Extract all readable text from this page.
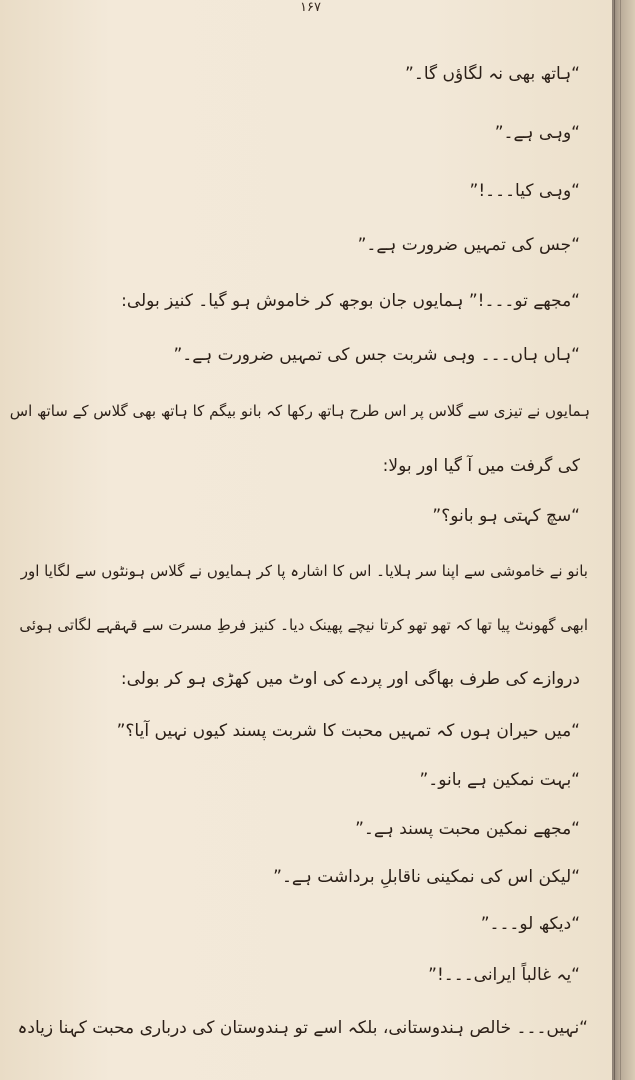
۱۶۷
“ہاتھ بھی نہ لگاؤں گا۔”
“وہی ہے۔”
“وہی کیا۔۔۔!”
“جس کی تمہیں ضرورت ہے۔”
“مجھے تو۔۔۔!” ہمایوں جان بوجھ کر خاموش ہو گیا۔ کنیز بولی:
“ہاں ہاں۔۔۔ وہی شربت جس کی تمہیں ضرورت ہے۔”
ہمایوں نے تیزی سے گلاس پر اس طرح ہاتھ رکھا کہ بانو بیگم کا ہاتھ بھی گلاس کے ساتھ اس
کی گرفت میں آ گیا اور بولا:
“سچ کہتی ہو بانو؟”
بانو نے خاموشی سے اپنا سر ہلایا۔ اس کا اشارہ پا کر ہمایوں نے گلاس ہونٹوں سے لگایا اور
ابھی گھونٹ پیا تھا کہ تھو تھو کرتا نیچے پھینک دیا۔ کنیز فرطِ مسرت سے قہقہے لگاتی ہوئی
دروازے کی طرف بھاگی اور پردے کی اوٹ میں کھڑی ہو کر بولی:
“میں حیران ہوں کہ تمہیں محبت کا شربت پسند کیوں نہیں آیا؟”
“بہت نمکین ہے بانو۔”
“مجھے نمکین محبت پسند ہے۔”
“لیکن اس کی نمکینی ناقابلِ برداشت ہے۔”
“دیکھ لو۔۔۔”
“یہ غالباً ایرانی۔۔۔!”
“نہیں۔۔۔ خالص ہندوستانی، بلکہ اسے تو ہندوستان کی درباری محبت کہنا زیادہ
